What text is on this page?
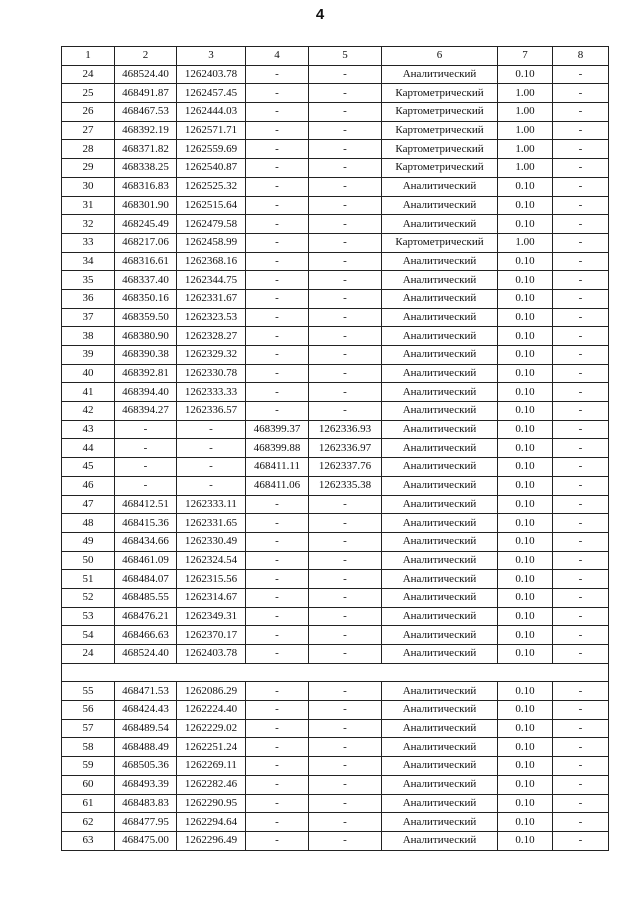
4
1	2	3	4	5	6	7	8
24	468524.40	1262403.78	-	-	Аналитический	0.10	-
25	468491.87	1262457.45	-	-	Картометрический	1.00	-
26	468467.53	1262444.03	-	-	Картометрический	1.00	-
27	468392.19	1262571.71	-	-	Картометрический	1.00	-
28	468371.82	1262559.69	-	-	Картометрический	1.00	-
29	468338.25	1262540.87	-	-	Картометрический	1.00	-
30	468316.83	1262525.32	-	-	Аналитический	0.10	-
31	468301.90	1262515.64	-	-	Аналитический	0.10	-
32	468245.49	1262479.58	-	-	Аналитический	0.10	-
33	468217.06	1262458.99	-	-	Картометрический	1.00	-
34	468316.61	1262368.16	-	-	Аналитический	0.10	-
35	468337.40	1262344.75	-	-	Аналитический	0.10	-
36	468350.16	1262331.67	-	-	Аналитический	0.10	-
37	468359.50	1262323.53	-	-	Аналитический	0.10	-
38	468380.90	1262328.27	-	-	Аналитический	0.10	-
39	468390.38	1262329.32	-	-	Аналитический	0.10	-
40	468392.81	1262330.78	-	-	Аналитический	0.10	-
41	468394.40	1262333.33	-	-	Аналитический	0.10	-
42	468394.27	1262336.57	-	-	Аналитический	0.10	-
43	-	-	468399.37	1262336.93	Аналитический	0.10	-
44	-	-	468399.88	1262336.97	Аналитический	0.10	-
45	-	-	468411.11	1262337.76	Аналитический	0.10	-
46	-	-	468411.06	1262335.38	Аналитический	0.10	-
47	468412.51	1262333.11	-	-	Аналитический	0.10	-
48	468415.36	1262331.65	-	-	Аналитический	0.10	-
49	468434.66	1262330.49	-	-	Аналитический	0.10	-
50	468461.09	1262324.54	-	-	Аналитический	0.10	-
51	468484.07	1262315.56	-	-	Аналитический	0.10	-
52	468485.55	1262314.67	-	-	Аналитический	0.10	-
53	468476.21	1262349.31	-	-	Аналитический	0.10	-
54	468466.63	1262370.17	-	-	Аналитический	0.10	-
24	468524.40	1262403.78	-	-	Аналитический	0.10	-

55	468471.53	1262086.29	-	-	Аналитический	0.10	-
56	468424.43	1262224.40	-	-	Аналитический	0.10	-
57	468489.54	1262229.02	-	-	Аналитический	0.10	-
58	468488.49	1262251.24	-	-	Аналитический	0.10	-
59	468505.36	1262269.11	-	-	Аналитический	0.10	-
60	468493.39	1262282.46	-	-	Аналитический	0.10	-
61	468483.83	1262290.95	-	-	Аналитический	0.10	-
62	468477.95	1262294.64	-	-	Аналитический	0.10	-
63	468475.00	1262296.49	-	-	Аналитический	0.10	-
